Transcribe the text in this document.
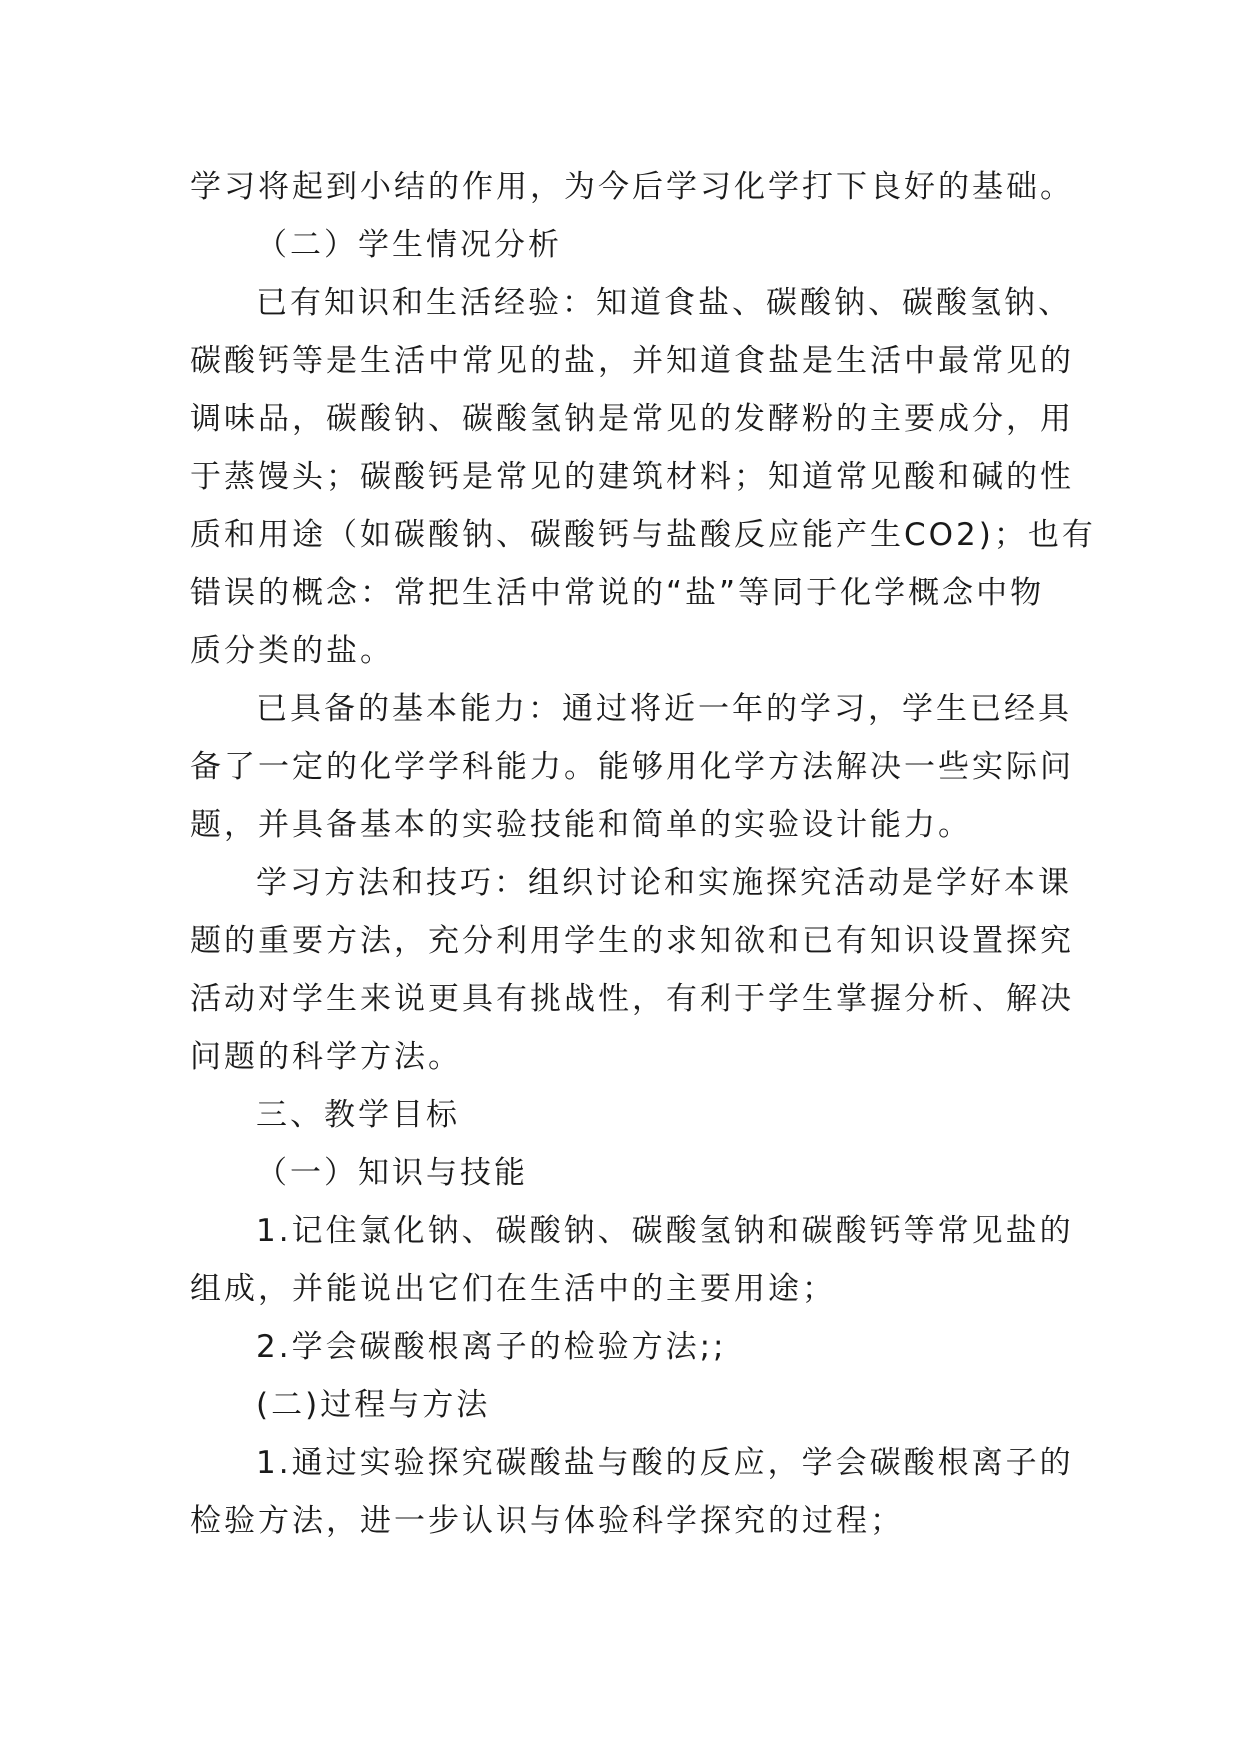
学习将起到小结的作用，为今后学习化学打下良好的基础。

（二）学生情况分析

已有知识和生活经验：知道食盐、碳酸钠、碳酸氢钠、

碳酸钙等是生活中常见的盐，并知道食盐是生活中最常见的

调味品，碳酸钠、碳酸氢钠是常见的发酵粉的主要成分，用

于蒸馒头；碳酸钙是常见的建筑材料；知道常见酸和碱的性

质和用途（如碳酸钠、碳酸钙与盐酸反应能产生CO2)；也有

错误的概念：常把生活中常说的“盐”等同于化学概念中物

质分类的盐。

已具备的基本能力：通过将近一年的学习，学生已经具

备了一定的化学学科能力。能够用化学方法解决一些实际问

题，并具备基本的实验技能和简单的实验设计能力。

学习方法和技巧：组织讨论和实施探究活动是学好本课

题的重要方法，充分利用学生的求知欲和已有知识设置探究

活动对学生来说更具有挑战性，有利于学生掌握分析、解决

问题的科学方法。

三、教学目标

（一）知识与技能

1.记住氯化钠、碳酸钠、碳酸氢钠和碳酸钙等常见盐的

组成，并能说出它们在生活中的主要用途；

2.学会碳酸根离子的检验方法;;

(二)过程与方法

1.通过实验探究碳酸盐与酸的反应，学会碳酸根离子的

检验方法，进一步认识与体验科学探究的过程；
